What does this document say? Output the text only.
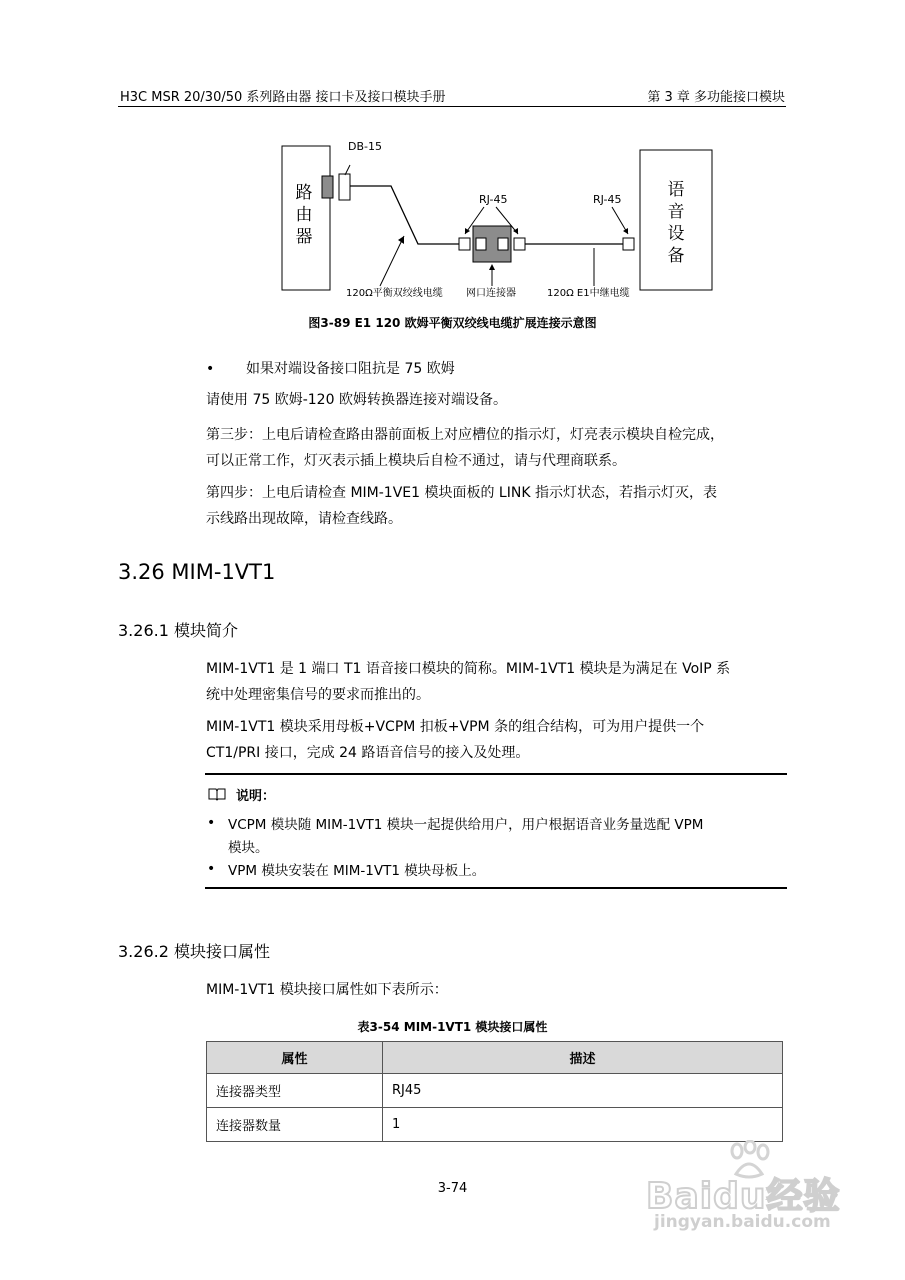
H3C MSR 20/30/50 系列路由器 接口卡及接口模块手册	第 3 章 多功能接口模块
路
由
器
DB-15
RJ-45	RJ-45	语
音
设
备
120Ω平衡双绞线电缆 网口连接器	120Ω E1中继电缆
图3-89 E1 120 欧姆平衡双绞线电缆扩展连接示意图
• 如果对端设备接口阻抗是 75 欧姆
请使用 75 欧姆-120 欧姆转换器连接对端设备。
第三步：上电后请检查路由器前面板上对应槽位的指示灯，灯亮表示模块自检完成，
可以正常工作，灯灭表示插上模块后自检不通过，请与代理商联系。
第四步：上电后请检查 MIM-1VE1 模块面板的 LINK 指示灯状态，若指示灯灭，表
示线路出现故障，请检查线路。
3.26 MIM-1VT1
3.26.1 模块简介
MIM-1VT1 是 1 端口 T1 语音接口模块的简称。MIM-1VT1 模块是为满足在 VoIP 系
统中处理密集信号的要求而推出的。
MIM-1VT1 模块采用母板+VCPM 扣板+VPM 条的组合结构，可为用户提供一个
CT1/PRI 接口，完成 24 路语音信号的接入及处理。
说明：
• VCPM 模块随 MIM-1VT1 模块一起提供给用户，用户根据语音业务量选配 VPM
模块。
• VPM 模块安装在 MIM-1VT1 模块母板上。
3.26.2 模块接口属性
MIM-1VT1 模块接口属性如下表所示：
表3-54 MIM-1VT1 模块接口属性
属性	描述
连接器类型	RJ45
连接器数量	1
3-74	Baidu经验
jingyan.baidu.com
